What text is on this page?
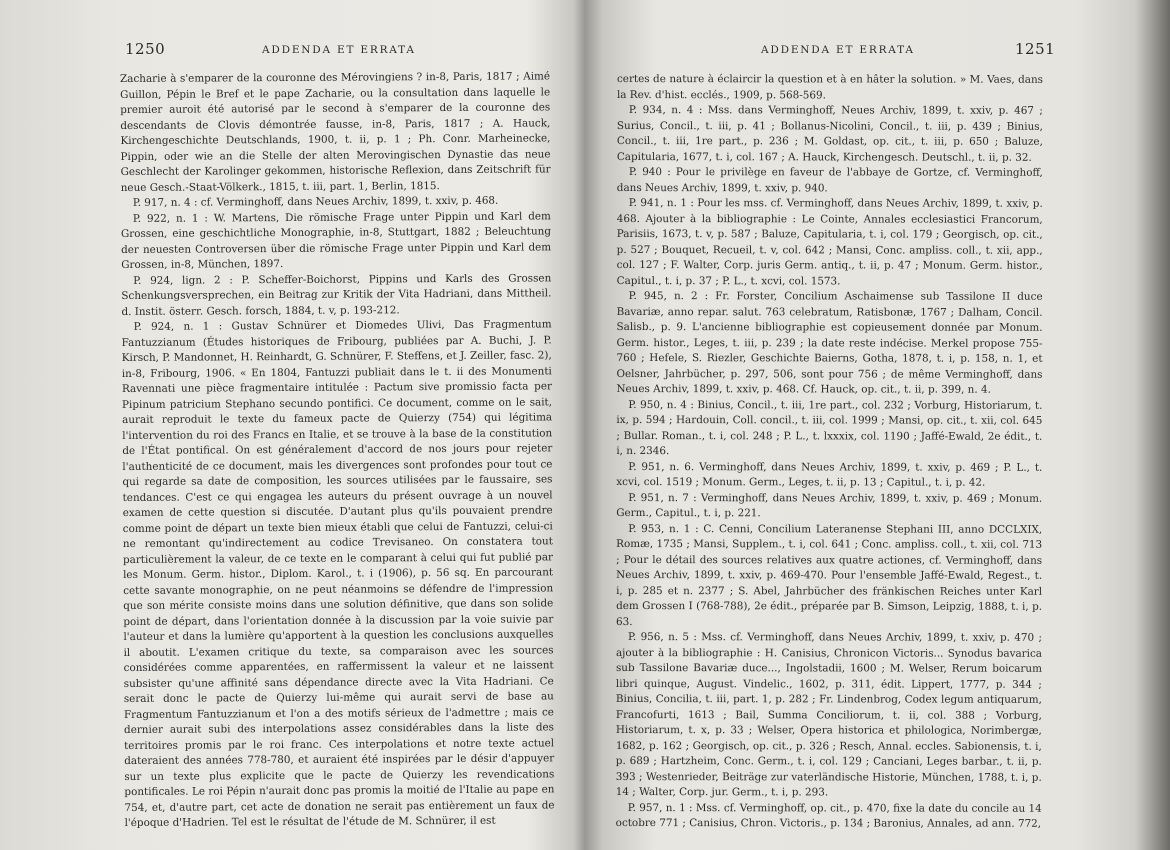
1250	ADDENDA ET ERRATA

Zacharie à s'emparer de la couronne des Mérovingiens ? in-8, Paris, 1817 ; Aimé Guillon, Pépin le Bref et le pape Zacharie, ou la consultation dans laquelle le premier auroit été autorisé par le second à s'emparer de la couronne des descendants de Clovis démontrée fausse, in-8, Paris, 1817 ; A. Hauck, Kirchengeschichte Deutschlands, 1900, t. ii, p. 1 ; Ph. Conr. Marheinecke, Pippin, oder wie an die Stelle der alten Merovingischen Dynastie das neue Geschlecht der Karolinger gekommen, historische Reflexion, dans Zeitschrift für neue Gesch.-Staat-Völkerk., 1815, t. iii, part. 1, Berlin, 1815.

P. 917, n. 4 : cf. Verminghoff, dans Neues Archiv, 1899, t. xxiv, p. 468.

P. 922, n. 1 : W. Martens, Die römische Frage unter Pippin und Karl dem Grossen, eine geschichtliche Monographie, in-8, Stuttgart, 1882 ; Beleuchtung der neuesten Controversen über die römische Frage unter Pippin und Karl dem Grossen, in-8, München, 1897.

P. 924, lign. 2 : P. Scheffer-Boichorst, Pippins und Karls des Grossen Schenkungsversprechen, ein Beitrag zur Kritik der Vita Hadriani, dans Mittheil. d. Instit. österr. Gesch. forsch, 1884, t. v, p. 193-212.

P. 924, n. 1 : Gustav Schnürer et Diomedes Ulivi, Das Fragmentum Fantuzzianum (Études historiques de Fribourg, publiées par A. Buchi, J. P. Kirsch, P. Mandonnet, H. Reinhardt, G. Schnürer, F. Steffens, et J. Zeiller, fasc. 2), in-8, Fribourg, 1906. « En 1804, Fantuzzi publiait dans le t. ii des Monumenti Ravennati une pièce fragmentaire intitulée : Pactum sive promissio facta per Pipinum patricium Stephano secundo pontifici. Ce document, comme on le sait, aurait reproduit le texte du fameux pacte de Quierzy (754) qui légitima l'intervention du roi des Francs en Italie, et se trouve à la base de la constitution de l'État pontifical. On est généralement d'accord de nos jours pour rejeter l'authenticité de ce document, mais les divergences sont profondes pour tout ce qui regarde sa date de composition, les sources utilisées par le faussaire, ses tendances. C'est ce qui engagea les auteurs du présent ouvrage à un nouvel examen de cette question si discutée. D'autant plus qu'ils pouvaient prendre comme point de départ un texte bien mieux établi que celui de Fantuzzi, celui-ci ne remontant qu'indirectement au codice Trevisaneo. On constatera tout particulièrement la valeur, de ce texte en le comparant à celui qui fut publié par les Monum. Germ. histor., Diplom. Karol., t. i (1906), p. 56 sq. En parcourant cette savante monographie, on ne peut néanmoins se défendre de l'impression que son mérite consiste moins dans une solution définitive, que dans son solide point de départ, dans l'orientation donnée à la discussion par la voie suivie par l'auteur et dans la lumière qu'apportent à la question les conclusions auxquelles il aboutit. L'examen critique du texte, sa comparaison avec les sources considérées comme apparentées, en raffermissent la valeur et ne laissent subsister qu'une affinité sans dépendance directe avec la Vita Hadriani. Ce serait donc le pacte de Quierzy lui-même qui aurait servi de base au Fragmentum Fantuzzianum et l'on a des motifs sérieux de l'admettre ; mais ce dernier aurait subi des interpolations assez considérables dans la liste des territoires promis par le roi franc. Ces interpolations et notre texte actuel dateraient des années 778-780, et auraient été inspirées par le désir d'appuyer sur un texte plus explicite que le pacte de Quierzy les revendications pontificales. Le roi Pépin n'aurait donc pas promis la moitié de l'Italie au pape en 754, et, d'autre part, cet acte de donation ne serait pas entièrement un faux de l'époque d'Hadrien. Tel est le résultat de l'étude de M. Schnürer, il est

ADDENDA ET ERRATA	1251

certes de nature à éclaircir la question et à en hâter la solution. » M. Vaes, dans la Rev. d'hist. ecclés., 1909, p. 568-569.

P. 934, n. 4 : Mss. dans Verminghoff, Neues Archiv, 1899, t. xxiv, p. 467 ; Surius, Concil., t. iii, p. 41 ; Bollanus-Nicolini, Concil., t. iii, p. 439 ; Binius, Concil., t. iii, 1re part., p. 236 ; M. Goldast, op. cit., t. iii, p. 650 ; Baluze, Capitularia, 1677, t. i, col. 167 ; A. Hauck, Kirchengesch. Deutschl., t. ii, p. 32.

P. 940 : Pour le privilège en faveur de l'abbaye de Gortze, cf. Verminghoff, dans Neues Archiv, 1899, t. xxiv, p. 940.

P. 941, n. 1 : Pour les mss. cf. Verminghoff, dans Neues Archiv, 1899, t. xxiv, p. 468. Ajouter à la bibliographie : Le Cointe, Annales ecclesiastici Francorum, Parisiis, 1673, t. v, p. 587 ; Baluze, Capitularia, t. i, col. 179 ; Georgisch, op. cit., p. 527 ; Bouquet, Recueil, t. v, col. 642 ; Mansi, Conc. ampliss. coll., t. xii, app., col. 127 ; F. Walter, Corp. juris Germ. antiq., t. ii, p. 47 ; Monum. Germ. histor., Capitul., t. i, p. 37 ; P. L., t. xcvi, col. 1573.

P. 945, n. 2 : Fr. Forster, Concilium Aschaimense sub Tassilone II duce Bavariæ, anno repar. salut. 763 celebratum, Ratisbonæ, 1767 ; Dalham, Concil. Salisb., p. 9. L'ancienne bibliographie est copieusement donnée par Monum. Germ. histor., Leges, t. iii, p. 239 ; la date reste indécise. Merkel propose 755-760 ; Hefele, S. Riezler, Geschichte Baierns, Gotha, 1878, t. i, p. 158, n. 1, et Oelsner, Jahrbücher, p. 297, 506, sont pour 756 ; de même Verminghoff, dans Neues Archiv, 1899, t. xxiv, p. 468. Cf. Hauck, op. cit., t. ii, p. 399, n. 4.

P. 950, n. 4 : Binius, Concil., t. iii, 1re part., col. 232 ; Vorburg, Historiarum, t. ix, p. 594 ; Hardouin, Coll. concil., t. iii, col. 1999 ; Mansi, op. cit., t. xii, col. 645 ; Bullar. Roman., t. i, col. 248 ; P. L., t. lxxxix, col. 1190 ; Jaffé-Ewald, 2e édit., t. i, n. 2346.

P. 951, n. 6. Verminghoff, dans Neues Archiv, 1899, t. xxiv, p. 469 ; P. L., t. xcvi, col. 1519 ; Monum. Germ., Leges, t. ii, p. 13 ; Capitul., t. i, p. 42.

P. 951, n. 7 : Verminghoff, dans Neues Archiv, 1899, t. xxiv, p. 469 ; Monum. Germ., Capitul., t. i, p. 221.

P. 953, n. 1 : C. Cenni, Concilium Lateranense Stephani III, anno DCCLXIX, Romæ, 1735 ; Mansi, Supplem., t. i, col. 641 ; Conc. ampliss. coll., t. xii, col. 713 ; Pour le détail des sources relatives aux quatre actiones, cf. Verminghoff, dans Neues Archiv, 1899, t. xxiv, p. 469-470. Pour l'ensemble Jaffé-Ewald, Regest., t. i, p. 285 et n. 2377 ; S. Abel, Jahrbücher des fränkischen Reiches unter Karl dem Grossen I (768-788), 2e édit., préparée par B. Simson, Leipzig, 1888, t. i, p. 63.

P. 956, n. 5 : Mss. cf. Verminghoff, dans Neues Archiv, 1899, t. xxiv, p. 470 ; ajouter à la bibliographie : H. Canisius, Chronicon Victoris... Synodus bavarica sub Tassilone Bavariæ duce..., Ingolstadii, 1600 ; M. Welser, Rerum boicarum libri quinque, August. Vindelic., 1602, p. 311, édit. Lippert, 1777, p. 344 ; Binius, Concilia, t. iii, part. 1, p. 282 ; Fr. Lindenbrog, Codex legum antiquarum, Francofurti, 1613 ; Bail, Summa Conciliorum, t. ii, col. 388 ; Vorburg, Historiarum, t. x, p. 33 ; Welser, Opera historica et philologica, Norimbergæ, 1682, p. 162 ; Georgisch, op. cit., p. 326 ; Resch, Annal. eccles. Sabionensis, t. i, p. 689 ; Hartzheim, Conc. Germ., t. i, col. 129 ; Canciani, Leges barbar., t. ii, p. 393 ; Westenrieder, Beiträge zur vaterländische Historie, München, 1788, t. i, p. 14 ; Walter, Corp. jur. Germ., t. i, p. 293.

P. 957, n. 1 : Mss. cf. Verminghoff, op. cit., p. 470, fixe la date du concile au 14 octobre 771 ; Canisius, Chron. Victoris., p. 134 ; Baronius, Annales, ad ann. 772,
